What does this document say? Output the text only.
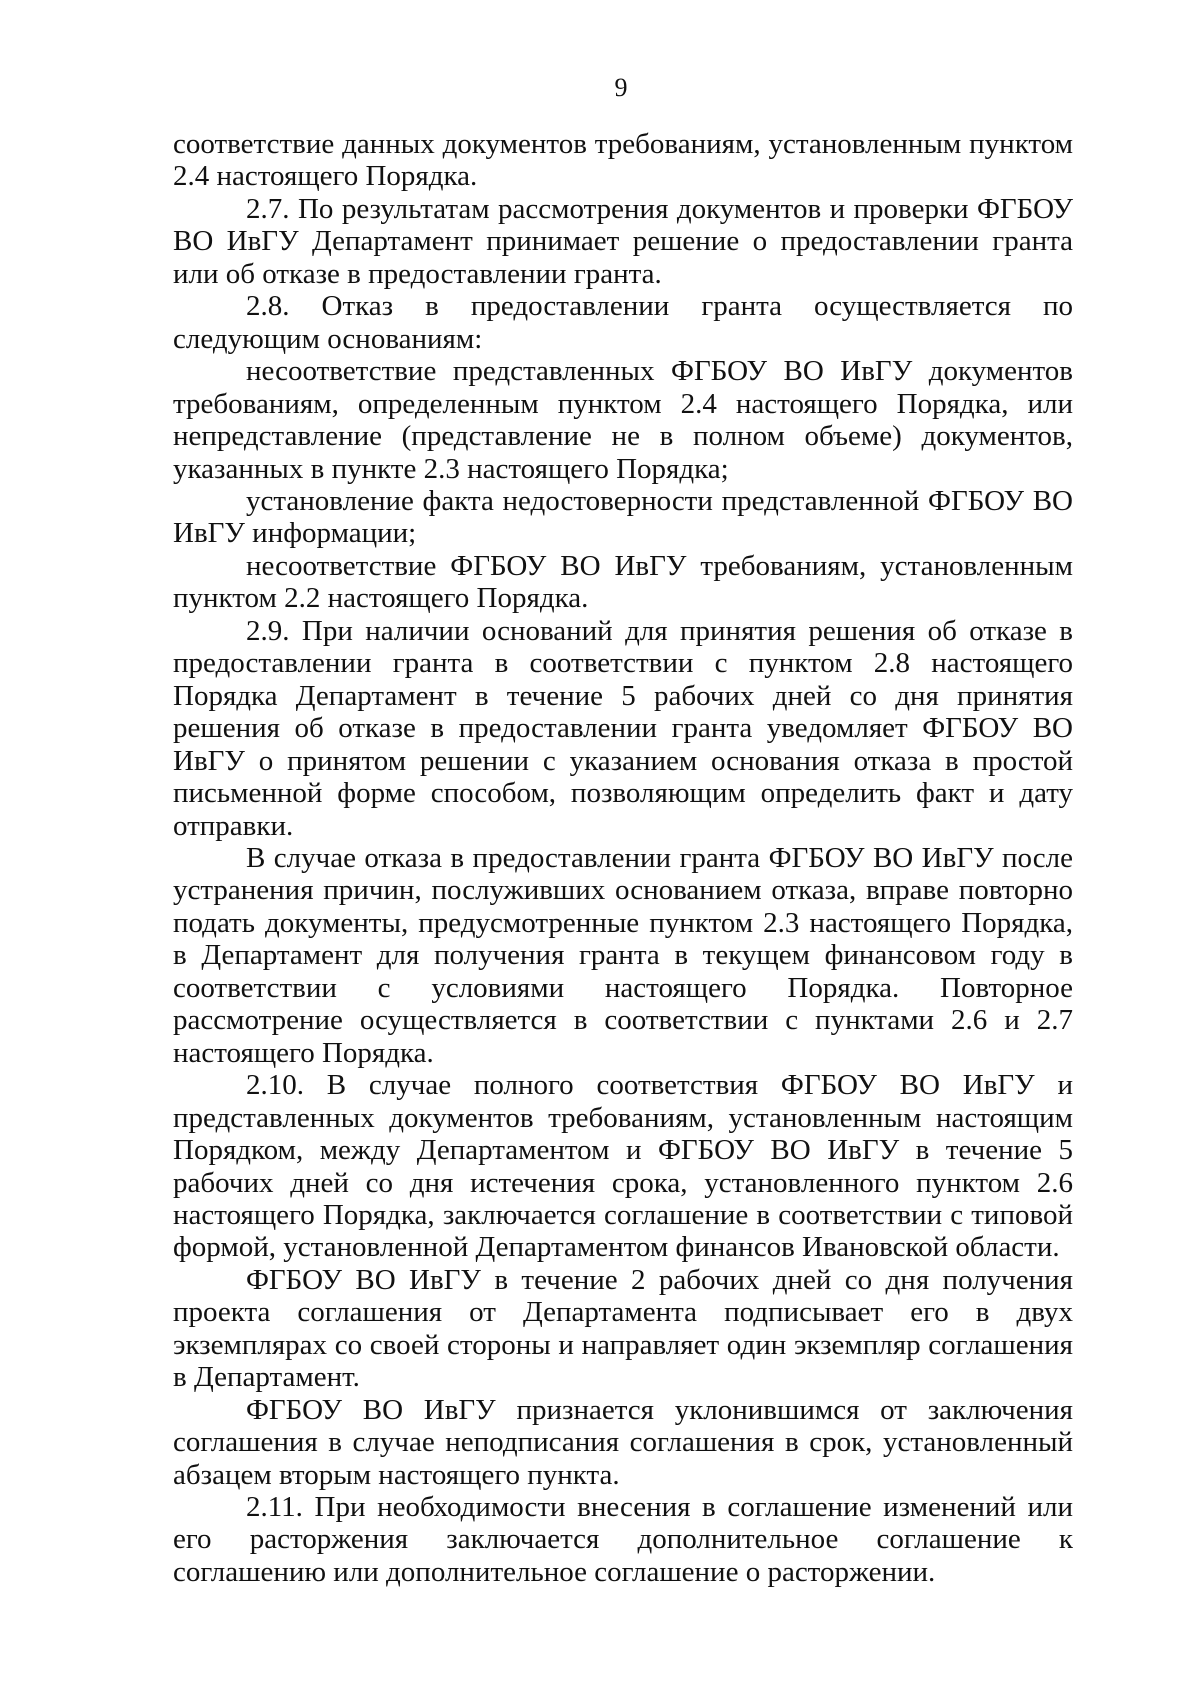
9

соответствие данных документов требованиям, установленным пунктом 2.4 настоящего Порядка.

2.7. По результатам рассмотрения документов и проверки ФГБОУ ВО ИвГУ Департамент принимает решение о предоставлении гранта или об отказе в предоставлении гранта.

2.8. Отказ в предоставлении гранта осуществляется по следующим основаниям:

несоответствие представленных ФГБОУ ВО ИвГУ документов требованиям, определенным пунктом 2.4 настоящего Порядка, или непредставление (представление не в полном объеме) документов, указанных в пункте 2.3 настоящего Порядка;

установление факта недостоверности представленной ФГБОУ ВО ИвГУ информации;

несоответствие ФГБОУ ВО ИвГУ требованиям, установленным пунктом 2.2 настоящего Порядка.

2.9. При наличии оснований для принятия решения об отказе в предоставлении гранта в соответствии с пунктом 2.8 настоящего Порядка Департамент в течение 5 рабочих дней со дня принятия решения об отказе в предоставлении гранта уведомляет ФГБОУ ВО ИвГУ о принятом решении с указанием основания отказа в простой письменной форме способом, позволяющим определить факт и дату отправки.

В случае отказа в предоставлении гранта ФГБОУ ВО ИвГУ после устранения причин, послуживших основанием отказа, вправе повторно подать документы, предусмотренные пунктом 2.3 настоящего Порядка, в Департамент для получения гранта в текущем финансовом году в соответствии с условиями настоящего Порядка. Повторное рассмотрение осуществляется в соответствии с пунктами 2.6 и 2.7 настоящего Порядка.

2.10. В случае полного соответствия ФГБОУ ВО ИвГУ и представленных документов требованиям, установленным настоящим Порядком, между Департаментом и ФГБОУ ВО ИвГУ в течение 5 рабочих дней со дня истечения срока, установленного пунктом 2.6 настоящего Порядка, заключается соглашение в соответствии с типовой формой, установленной Департаментом финансов Ивановской области.

ФГБОУ ВО ИвГУ в течение 2 рабочих дней со дня получения проекта соглашения от Департамента подписывает его в двух экземплярах со своей стороны и направляет один экземпляр соглашения в Департамент.

ФГБОУ ВО ИвГУ признается уклонившимся от заключения соглашения в случае неподписания соглашения в срок, установленный абзацем вторым настоящего пункта.

2.11. При необходимости внесения в соглашение изменений или его расторжения заключается дополнительное соглашение к соглашению или дополнительное соглашение о расторжении.
